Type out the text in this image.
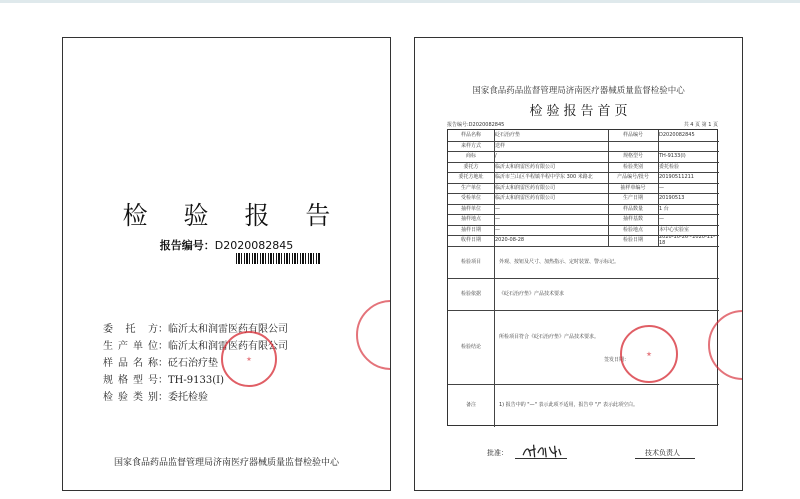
检 验 报 告
报告编号：D2020082845
委托方 ： 临沂太和润雷医药有限公司
生产单位 ： 临沂太和润雷医药有限公司
样品名称 ： 砭石治疗垫
规格型号 ： TH-9133(I)
检验类别 ： 委托检验
国家食品药品监督管理局济南医疗器械质量监督检验中心
国家食品药品监督管理局济南医疗器械质量监督检验中心
检验报告首页
报告编号:D2020082845	共 4 页 第 1 页
样品名称	砭石治疗垫	样品编号	D2020082845
来样方式	送样
商标	/	规格型号	TH-9133(I)
委托方	临沂太和润雷医药有限公司	检验类别	委托检验
委托方地址	临沂市兰山区半程镇半程中学东 300 米路北	产品编号/批号	20190511211
生产单位	临沂太和润雷医药有限公司	抽样单编号	—
受检单位	临沂太和润雷医药有限公司	生产日期	20190513
抽样单位	—	样品数量	1 台
抽样地点	—	抽样基数	—
抽样日期	—	检验地点	本中心实验室
收样日期	2020-08-28	检验日期	2020-10-26~2020-11-18
检验项目	外观、按钮及尺寸、加热指示、定时装置、警示标记。
检验依据	《砭石治疗垫》产品技术要求
检验结论
所检项目符合《砭石治疗垫》产品技术要求。
签发日期：
备注	1) 报告中的 "—" 表示此项不适用，报告中 "/" 表示此项空白。
批准：	技术负责人
